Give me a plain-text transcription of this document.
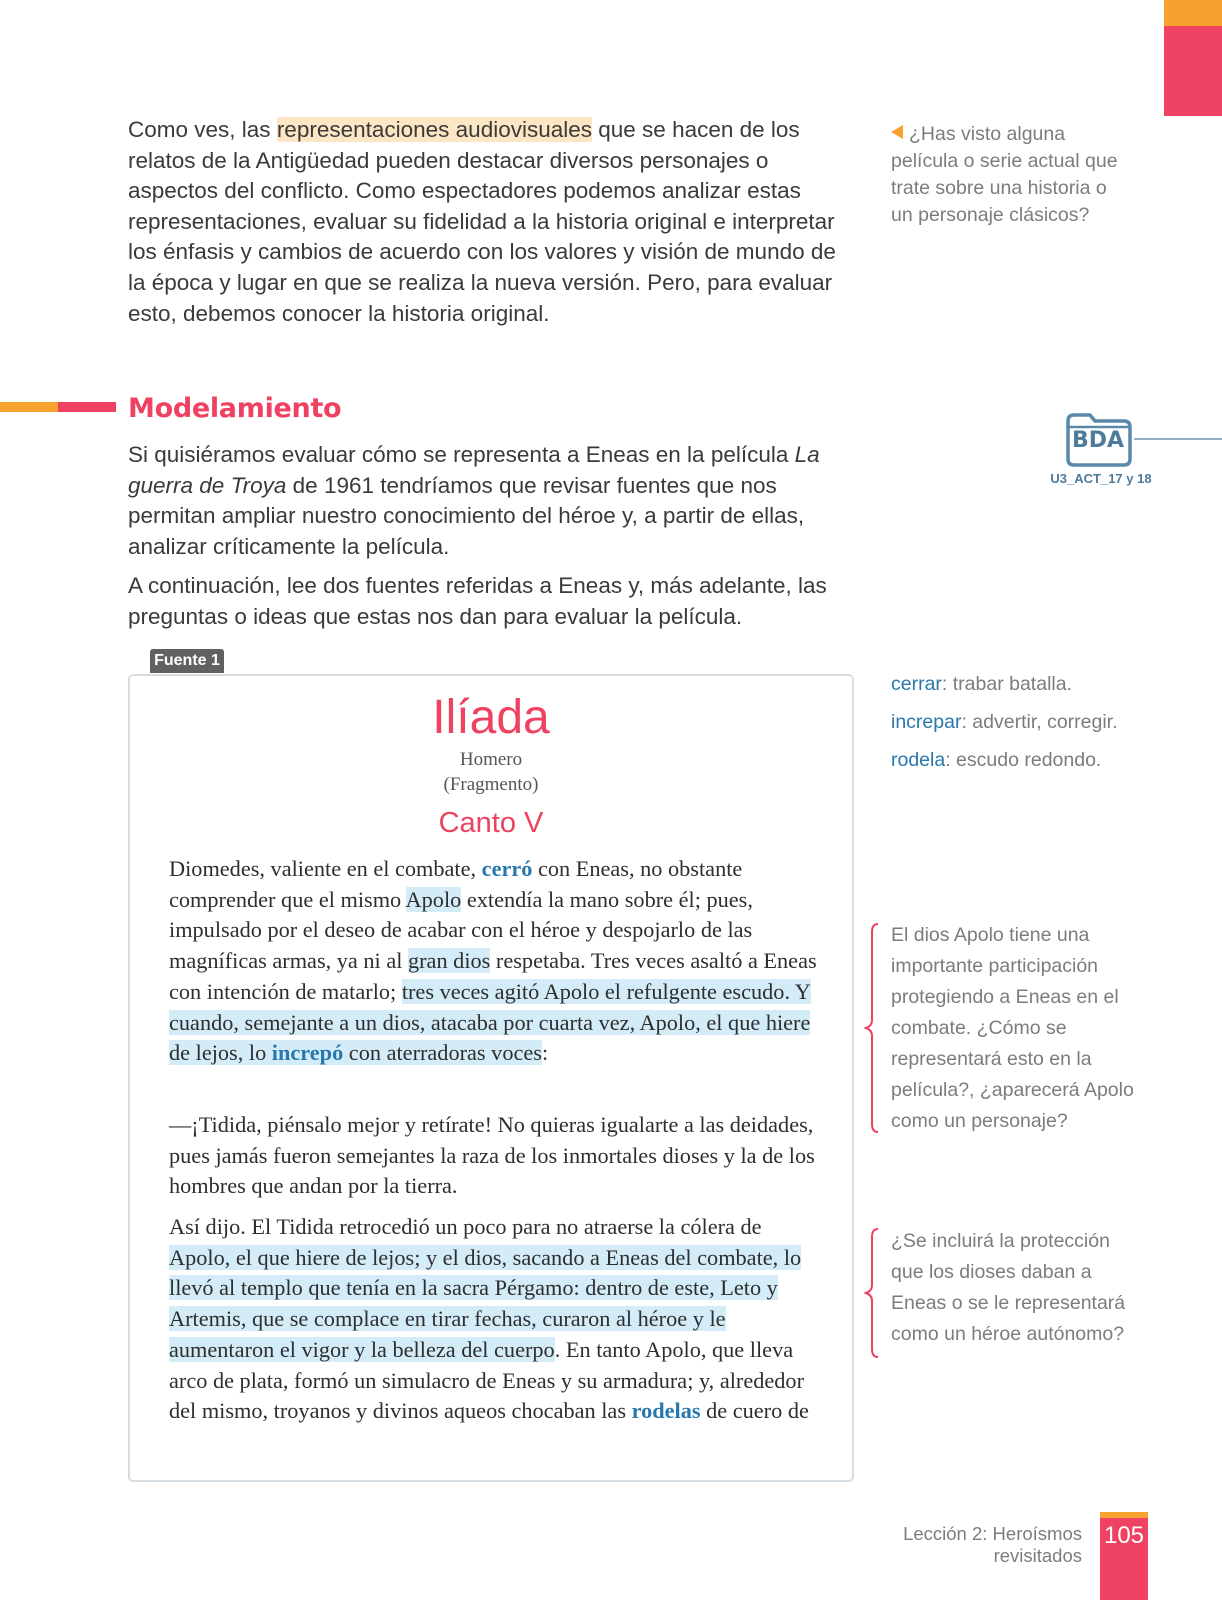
Como ves, las representaciones audiovisuales que se hacen de los relatos de la Antigüedad pueden destacar diversos personajes o aspectos del conflicto. Como espectadores podemos analizar estas representaciones, evaluar su fidelidad a la historia original e interpretar los énfasis y cambios de acuerdo con los valores y visión de mundo de la época y lugar en que se realiza la nueva versión. Pero, para evaluar esto, debemos conocer la historia original.

¿Has visto alguna película o serie actual que trate sobre una historia o un personaje clásicos?
Modelamiento

Si quisiéramos evaluar cómo se representa a Eneas en la película La guerra de Troya de 1961 tendríamos que revisar fuentes que nos permitan ampliar nuestro conocimiento del héroe y, a partir de ellas, analizar críticamente la película.

A continuación, lee dos fuentes referidas a Eneas y, más adelante, las preguntas o ideas que estas nos dan para evaluar la película.

BDA
U3_ACT_17 y 18
Fuente 1
Ilíada
Homero
(Fragmento)
Canto V

Diomedes, valiente en el combate, cerró con Eneas, no obstante comprender que el mismo Apolo extendía la mano sobre él; pues, impulsado por el deseo de acabar con el héroe y despojarlo de las magníficas armas, ya ni al gran dios respetaba. Tres veces asaltó a Eneas con intención de matarlo; tres veces agitó Apolo el refulgente escudo. Y cuando, semejante a un dios, atacaba por cuarta vez, Apolo, el que hiere de lejos, lo increpó con aterradoras voces:

—¡Tidida, piénsalo mejor y retírate! No quieras igualarte a las deidades, pues jamás fueron semejantes la raza de los inmortales dioses y la de los hombres que andan por la tierra.

Así dijo. El Tidida retrocedió un poco para no atraerse la cólera de Apolo, el que hiere de lejos; y el dios, sacando a Eneas del combate, lo llevó al templo que tenía en la sacra Pérgamo: dentro de este, Leto y Artemis, que se complace en tirar fechas, curaron al héroe y le aumentaron el vigor y la belleza del cuerpo. En tanto Apolo, que lleva arco de plata, formó un simulacro de Eneas y su armadura; y, alrededor del mismo, troyanos y divinos aqueos chocaban las rodelas de cuero de

cerrar: trabar batalla.
increpar: advertir, corregir.
rodela: escudo redondo.
El dios Apolo tiene una importante participación protegiendo a Eneas en el combate. ¿Cómo se representará esto en la película?, ¿aparecerá Apolo como un personaje?
¿Se incluirá la protección que los dioses daban a Eneas o se le representará como un héroe autónomo?
Lección 2: Heroísmos revisitados
105
